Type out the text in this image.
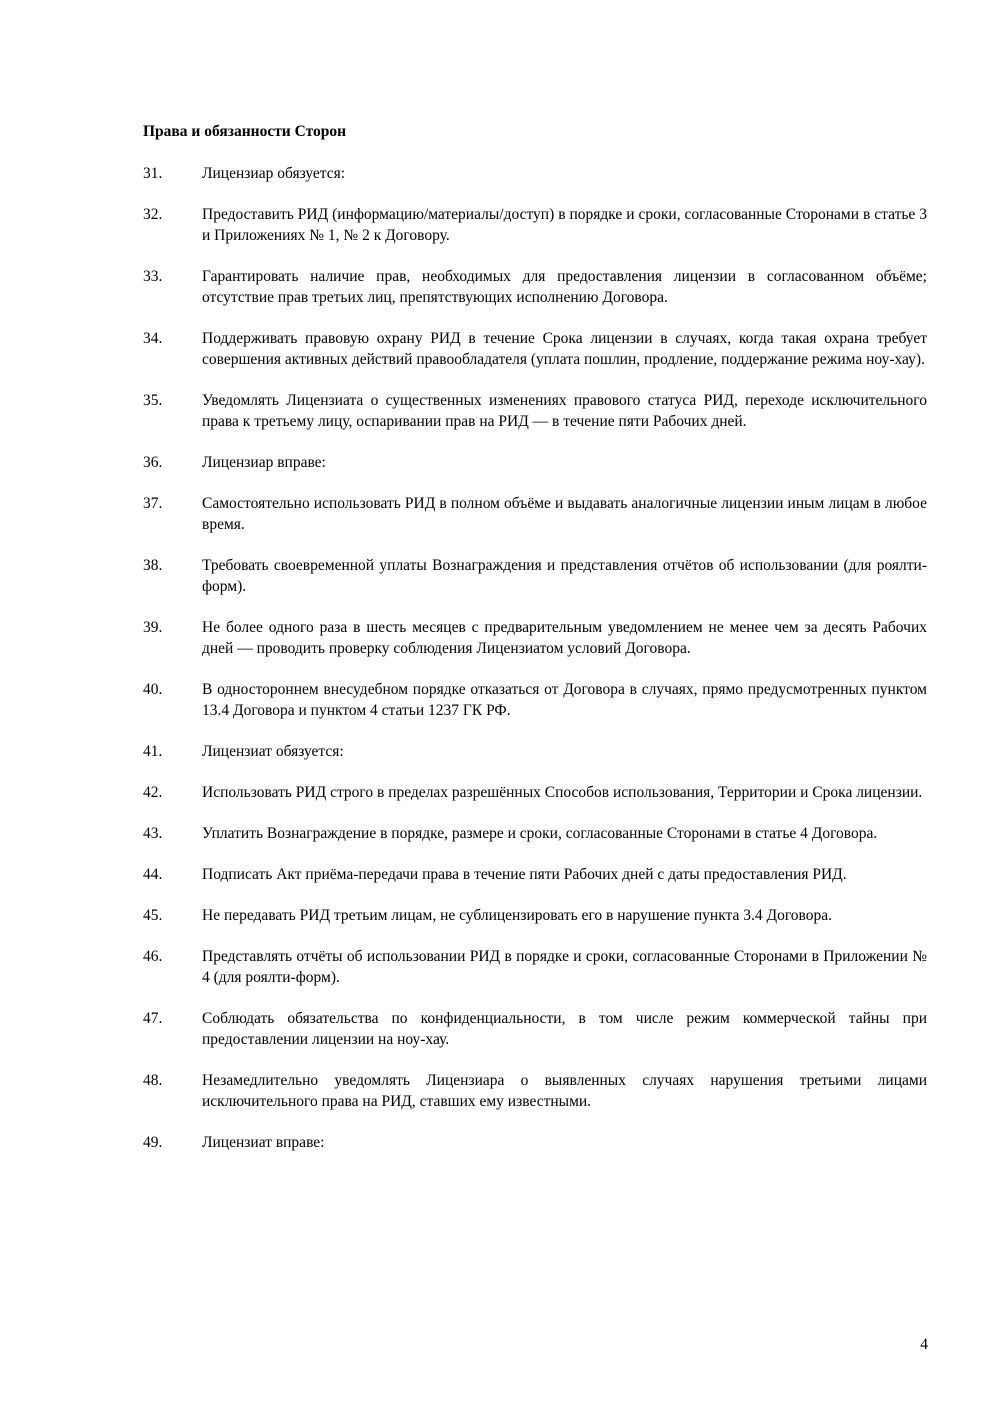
Права и обязанности Сторон
31.	Лицензиар обязуется:
32.	Предоставить РИД (информацию/материалы/доступ) в порядке и сроки, согласованные Сторонами в статье 3 и Приложениях № 1, № 2 к Договору.
33.	Гарантировать наличие прав, необходимых для предоставления лицензии в согласованном объёме; отсутствие прав третьих лиц, препятствующих исполнению Договора.
34.	Поддерживать правовую охрану РИД в течение Срока лицензии в случаях, когда такая охрана требует совершения активных действий правообладателя (уплата пошлин, продление, поддержание режима ноу-хау).
35.	Уведомлять Лицензиата о существенных изменениях правового статуса РИД, переходе исключительного права к третьему лицу, оспаривании прав на РИД — в течение пяти Рабочих дней.
36.	Лицензиар вправе:
37.	Самостоятельно использовать РИД в полном объёме и выдавать аналогичные лицензии иным лицам в любое время.
38.	Требовать своевременной уплаты Вознаграждения и представления отчётов об использовании (для роялти-форм).
39.	Не более одного раза в шесть месяцев с предварительным уведомлением не менее чем за десять Рабочих дней — проводить проверку соблюдения Лицензиатом условий Договора.
40.	В одностороннем внесудебном порядке отказаться от Договора в случаях, прямо предусмотренных пунктом 13.4 Договора и пунктом 4 статьи 1237 ГК РФ.
41.	Лицензиат обязуется:
42.	Использовать РИД строго в пределах разрешённых Способов использования, Территории и Срока лицензии.
43.	Уплатить Вознаграждение в порядке, размере и сроки, согласованные Сторонами в статье 4 Договора.
44.	Подписать Акт приёма-передачи права в течение пяти Рабочих дней с даты предоставления РИД.
45.	Не передавать РИД третьим лицам, не сублицензировать его в нарушение пункта 3.4 Договора.
46.	Представлять отчёты об использовании РИД в порядке и сроки, согласованные Сторонами в Приложении № 4 (для роялти-форм).
47.	Соблюдать обязательства по конфиденциальности, в том числе режим коммерческой тайны при предоставлении лицензии на ноу-хау.
48.	Незамедлительно уведомлять Лицензиара о выявленных случаях нарушения третьими лицами исключительного права на РИД, ставших ему известными.
49.	Лицензиат вправе:
4
